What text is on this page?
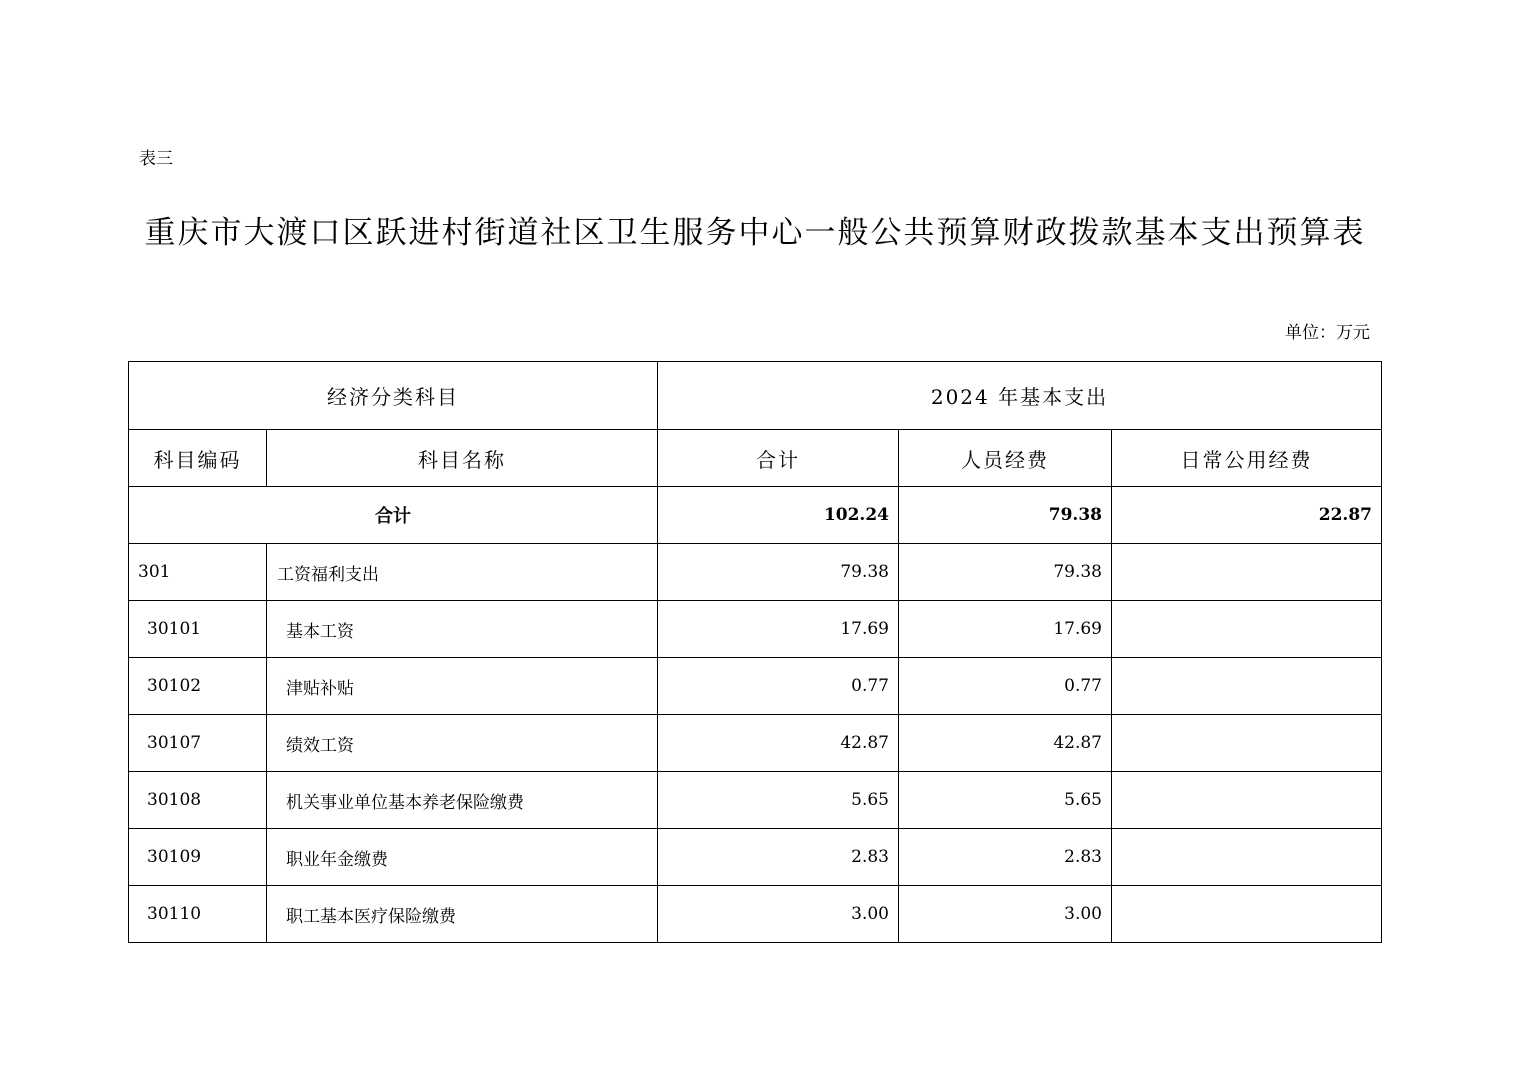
表三
重庆市大渡口区跃进村街道社区卫生服务中心一般公共预算财政拨款基本支出预算表
单位：万元
经济分类科目		2024 年基本支出		
科目编码	科目名称	合计	人员经费	日常公用经费
合计		102.24	79.38	22.87
301	工资福利支出	79.38	79.38	
30101	基本工资	17.69	17.69	
30102	津贴补贴	0.77	0.77	
30107	绩效工资	42.87	42.87	
30108	机关事业单位基本养老保险缴费	5.65	5.65	
30109	职业年金缴费	2.83	2.83	
30110	职工基本医疗保险缴费	3.00	3.00	
